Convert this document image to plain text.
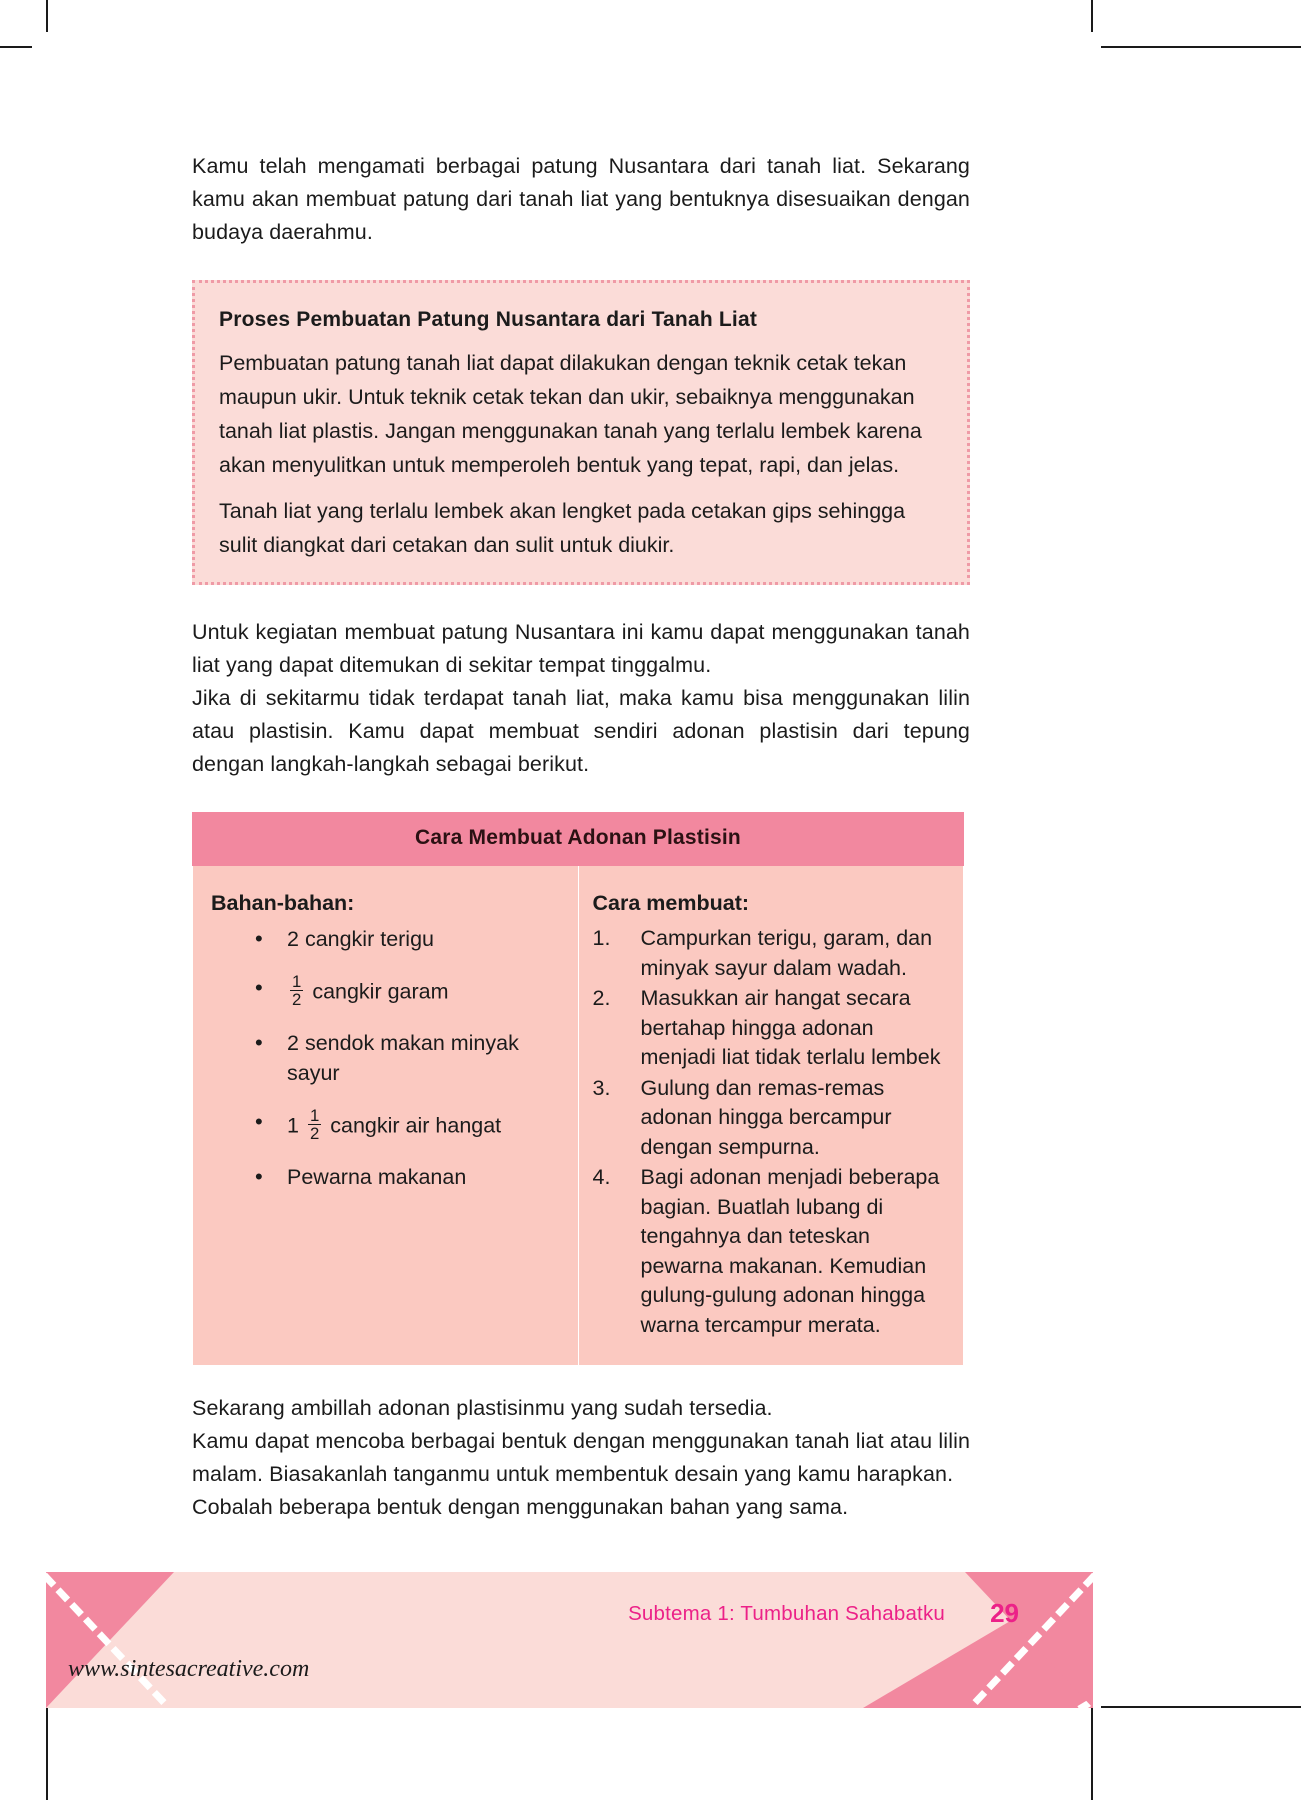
Kamu telah mengamati berbagai patung Nusantara dari tanah liat. Sekarang kamu akan membuat patung dari tanah liat yang bentuknya disesuaikan dengan budaya daerahmu.

Proses Pembuatan Patung Nusantara dari Tanah Liat

Pembuatan patung tanah liat dapat dilakukan dengan teknik cetak tekan maupun ukir. Untuk teknik cetak tekan dan ukir, sebaiknya menggunakan tanah liat plastis. Jangan menggunakan tanah yang terlalu lembek karena akan menyulitkan untuk memperoleh bentuk yang tepat, rapi, dan jelas.

Tanah liat yang terlalu lembek akan lengket pada cetakan gips sehingga sulit diangkat dari cetakan dan sulit untuk diukir.

Untuk kegiatan membuat patung Nusantara ini kamu dapat menggunakan tanah liat yang dapat ditemukan di sekitar tempat tinggalmu.

Jika di sekitarmu tidak terdapat tanah liat, maka kamu bisa menggunakan lilin atau plastisin. Kamu dapat membuat sendiri adonan plastisin dari tepung dengan langkah-langkah sebagai berikut.

Cara Membuat Adonan Plastisin

Bahan-bahan:
• 2 cangkir terigu
• $\frac{1}{2}$ cangkir garam
• 2 sendok makan minyak sayur
• $1 \frac{1}{2}$ cangkir air hangat
• Pewarna makanan

Cara membuat:
Campurkan terigu, garam, dan minyak sayur dalam wadah.
Masukkan air hangat secara bertahap hingga adonan menjadi liat tidak terlalu lembek
Gulung dan remas-remas adonan hingga bercampur dengan sempurna.
Bagi adonan menjadi beberapa bagian. Buatlah lubang di tengahnya dan teteskan pewarna makanan. Kemudian gulung-gulung adonan hingga warna tercampur merata.

Sekarang ambillah adonan plastisinmu yang sudah tersedia.

Kamu dapat mencoba berbagai bentuk dengan menggunakan tanah liat atau lilin malam. Biasakanlah tanganmu untuk membentuk desain yang kamu harapkan.

Cobalah beberapa bentuk dengan menggunakan bahan yang sama.

Subtema 1: Tumbuhan Sahabatku 29
www.sintesacreative.com
